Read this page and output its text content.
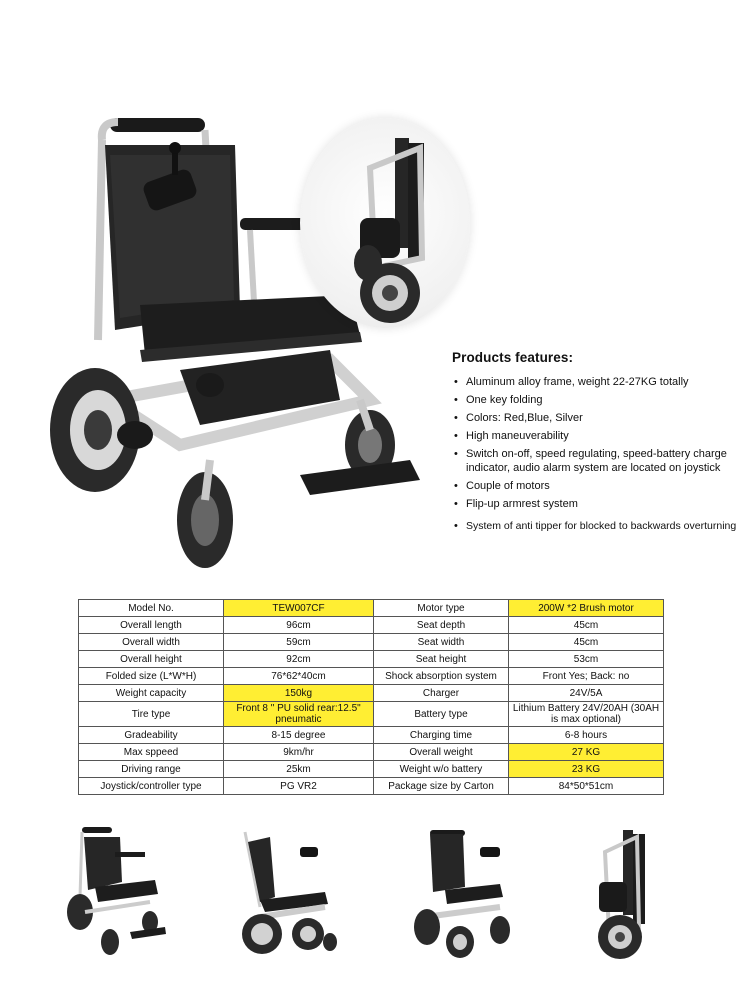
Products features:
• Aluminum alloy frame, weight 22-27KG totally
• One key folding
• Colors: Red,Blue, Silver
• High maneuverability
• Switch on-off, speed regulating, speed-battery charge indicator, audio alarm system are located on joystick
• Couple of motors
• Flip-up armrest system
• System of anti tipper for blocked to backwards overturning
Model No.	TEW007CF	Motor type	200W *2 Brush motor
Overall length	96cm	Seat depth	45cm
Overall width	59cm	Seat width	45cm
Overall height	92cm	Seat height	53cm
Folded size (L*W*H)	76*62*40cm	Shock absorption system	Front Yes; Back: no
Weight capacity	150kg	Charger	24V/5A
Tire type	Front 8 " PU solid rear:12.5" pneumatic	Battery type	Lithium Battery 24V/20AH (30AH is max optional)
Gradeability	8-15 degree	Charging time	6-8 hours
Max sppeed	9km/hr	Overall weight	27 KG
Driving range	25km	Weight w/o battery	23 KG
Joystick/controller type	PG VR2	Package size by Carton	84*50*51cm
